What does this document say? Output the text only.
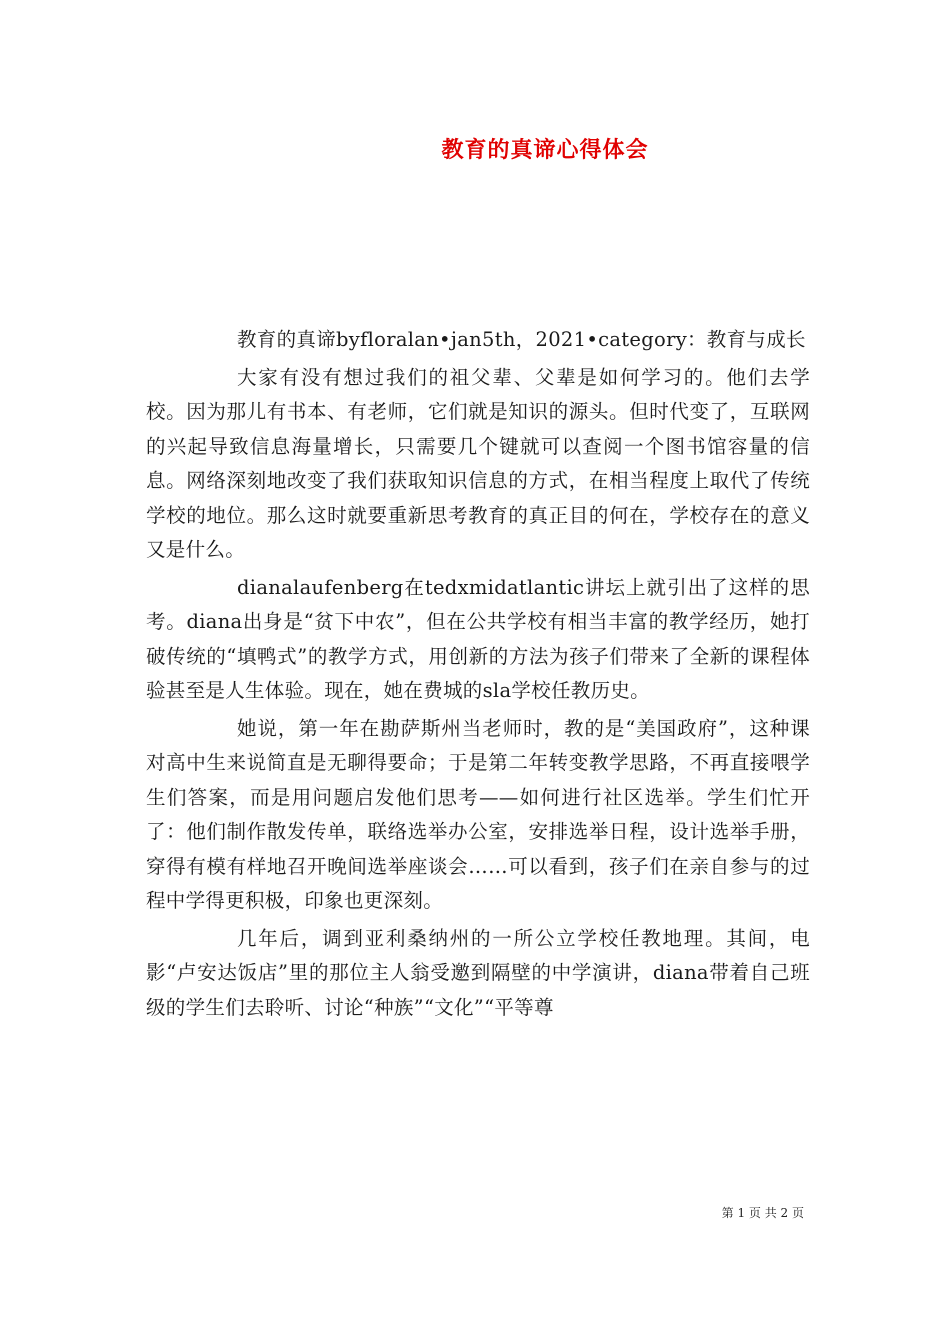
教育的真谛心得体会

教育的真谛byfloralan•jan5th，2021•category：教育与成长

大家有没有想过我们的祖父辈、父辈是如何学习的。他们去学校。因为那儿有书本、有老师，它们就是知识的源头。但时代变了，互联网的兴起导致信息海量增长，只需要几个键就可以查阅一个图书馆容量的信息。网络深刻地改变了我们获取知识信息的方式，在相当程度上取代了传统学校的地位。那么这时就要重新思考教育的真正目的何在，学校存在的意义又是什么。

dianalaufenberg在tedxmidatlantic讲坛上就引出了这样的思考。diana出身是“贫下中农”，但在公共学校有相当丰富的教学经历，她打破传统的“填鸭式”的教学方式，用创新的方法为孩子们带来了全新的课程体验甚至是人生体验。现在，她在费城的sla学校任教历史。

她说，第一年在勘萨斯州当老师时，教的是“美国政府”，这种课对高中生来说简直是无聊得要命；于是第二年转变教学思路，不再直接喂学生们答案，而是用问题启发他们思考——如何进行社区选举。学生们忙开了：他们制作散发传单，联络选举办公室，安排选举日程，设计选举手册，穿得有模有样地召开晚间选举座谈会……可以看到，孩子们在亲自参与的过程中学得更积极，印象也更深刻。

几年后，调到亚利桑纳州的一所公立学校任教地理。其间，电影“卢安达饭店”里的那位主人翁受邀到隔壁的中学演讲，diana带着自己班级的学生们去聆听、讨论“种族”“文化”“平等尊

第 1 页 共 2 页
